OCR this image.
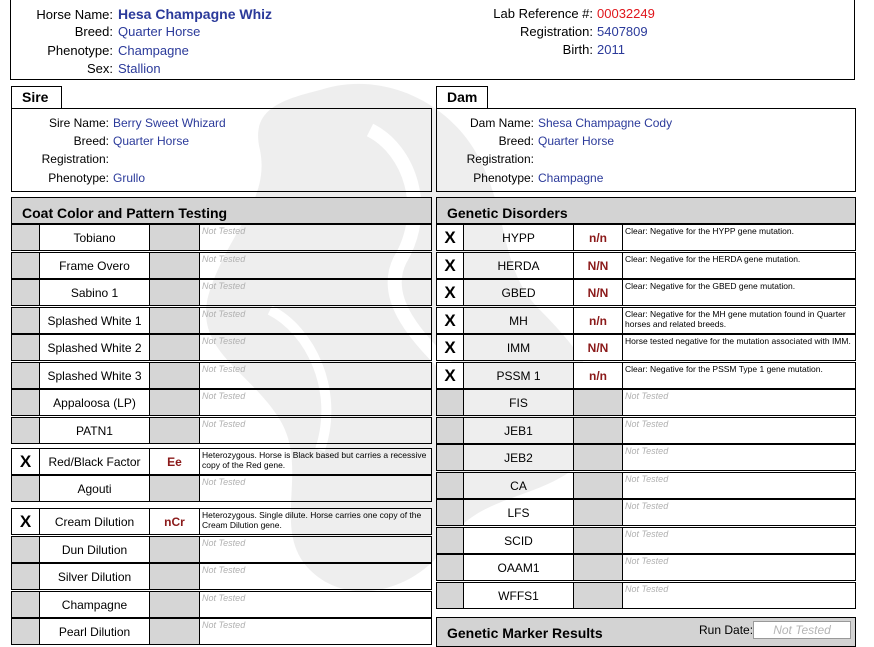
Horse Name: Hesa Champagne Whiz
Breed: Quarter Horse
Phenotype: Champagne
Sex: Stallion
Lab Reference #: 00032249
Registration: 5407809
Birth: 2011
Sire
Sire Name: Berry Sweet Whizard
Breed: Quarter Horse
Registration:
Phenotype: Grullo
Dam
Dam Name: Shesa Champagne Cody
Breed: Quarter Horse
Registration:
Phenotype: Champagne
Coat Color and Pattern Testing	Genetic Disorders
Tobiano	Not Tested
Frame Overo	Not Tested
Sabino 1	Not Tested
Splashed White 1	Not Tested
Splashed White 2	Not Tested
Splashed White 3	Not Tested
Appaloosa (LP)	Not Tested
PATN1	Not Tested
X	Red/Black Factor	Ee	Heterozygous. Horse is Black based but carries a recessive copy of the Red gene.
Agouti	Not Tested
X	Cream Dilution	nCr	Heterozygous. Single dilute. Horse carries one copy of the Cream Dilution gene.
Dun Dilution	Not Tested
Silver Dilution	Not Tested
Champagne	Not Tested
Pearl Dilution	Not Tested
X	HYPP	n/n	Clear: Negative for the HYPP gene mutation.
X	HERDA	N/N	Clear: Negative for the HERDA gene mutation.
X	GBED	N/N	Clear: Negative for the GBED gene mutation.
X	MH	n/n	Clear: Negative for the MH gene mutation found in Quarter horses and related breeds.
X	IMM	N/N	Horse tested negative for the mutation associated with IMM.
X	PSSM 1	n/n	Clear: Negative for the PSSM Type 1 gene mutation.
FIS	Not Tested
JEB1	Not Tested
JEB2	Not Tested
CA	Not Tested
LFS	Not Tested
SCID	Not Tested
OAAM1	Not Tested
WFFS1	Not Tested
Genetic Marker Results	Run Date:	Not Tested
